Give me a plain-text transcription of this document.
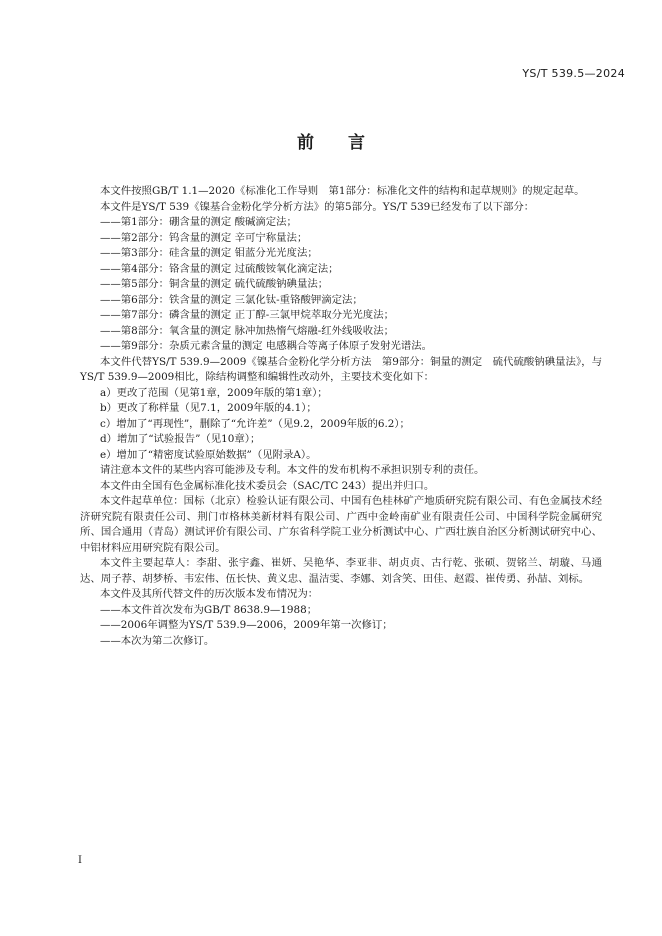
YS/T 539.5—2024
前言

本文件按照GB/T 1.1—2020《标准化工作导则　第1部分：标准化文件的结构和起草规则》的规定起草。

本文件是YS/T 539《镍基合金粉化学分析方法》的第5部分。YS/T 539已经发布了以下部分：

——第1部分：硼含量的测定 酸碱滴定法；

——第2部分：钨含量的测定 辛可宁称量法；

——第3部分：硅含量的测定 钼蓝分光光度法；

——第4部分：铬含量的测定 过硫酸铵氧化滴定法；

——第5部分：铜含量的测定 硫代硫酸钠碘量法；

——第6部分：铁含量的测定 三氯化钛-重铬酸钾滴定法；

——第7部分：磷含量的测定 正丁醇-三氯甲烷萃取分光光度法；

——第8部分：氧含量的测定 脉冲加热惰气熔融-红外线吸收法；

——第9部分：杂质元素含量的测定 电感耦合等离子体原子发射光谱法。

本文件代替YS/T 539.9—2009《镍基合金粉化学分析方法　第9部分：铜量的测定　硫代硫酸钠碘量法》，与YS/T 539.9—2009相比，除结构调整和编辑性改动外，主要技术变化如下：

a）更改了范围（见第1章，2009年版的第1章）；

b）更改了称样量（见7.1，2009年版的4.1）；

c）增加了“再现性”，删除了“允许差”（见9.2，2009年版的6.2）；

d）增加了“试验报告”（见10章）；

e）增加了“精密度试验原始数据”（见附录A）。

请注意本文件的某些内容可能涉及专利。本文件的发布机构不承担识别专利的责任。

本文件由全国有色金属标准化技术委员会（SAC/TC 243）提出并归口。

本文件起草单位：国标（北京）检验认证有限公司、中国有色桂林矿产地质研究院有限公司、有色金属技术经济研究院有限责任公司、荆门市格林美新材料有限公司、广西中金岭南矿业有限责任公司、中国科学院金属研究所、国合通用（青岛）测试评价有限公司、广东省科学院工业分析测试中心、广西壮族自治区分析测试研究中心、中铝材料应用研究院有限公司。

本文件主要起草人：李甜、张宇鑫、崔妍、吴艳华、李亚非、胡贞贞、古行乾、张硕、贺铭兰、胡璇、马通达、周子荐、胡梦桥、韦宏伟、伍长快、黄义忠、温洁雯、李娜、刘含笑、田佳、赵霞、崔传勇、孙喆、刘标。

本文件及其所代替文件的历次版本发布情况为：

——本文件首次发布为GB/T 8638.9—1988；

——2006年调整为YS/T 539.9—2006，2009年第一次修订；

——本次为第二次修订。

I
